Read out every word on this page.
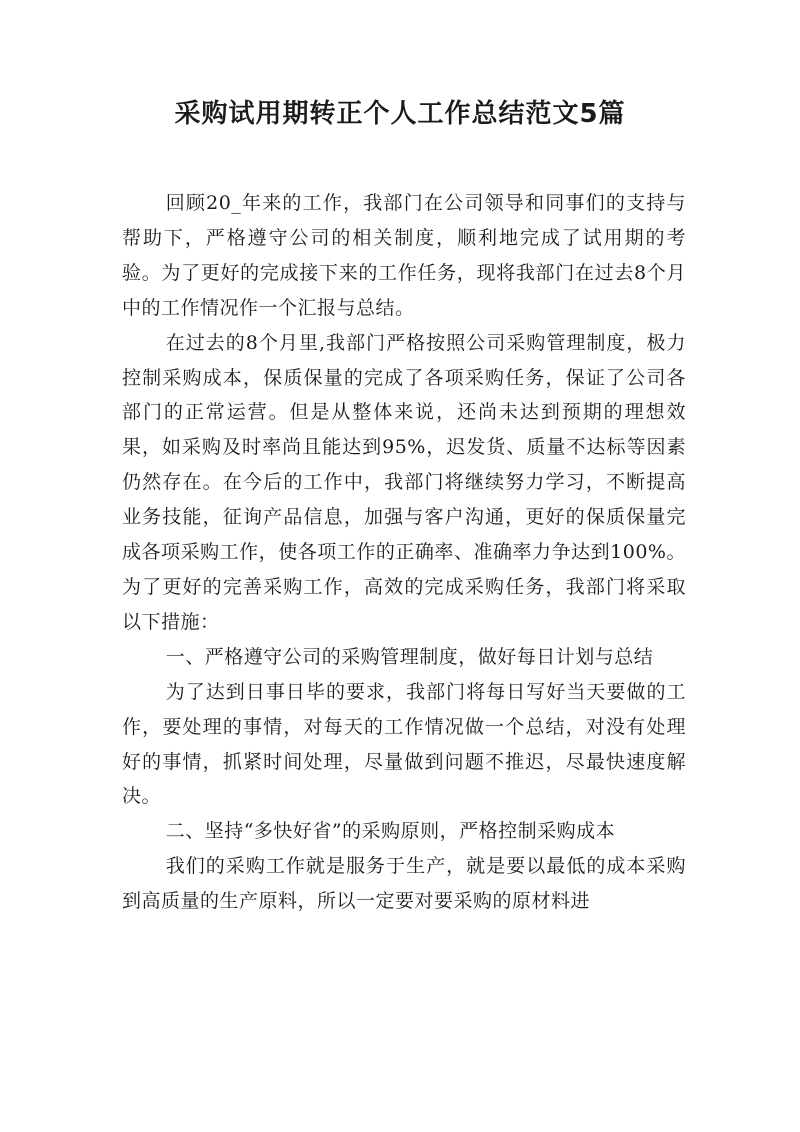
采购试用期转正个人工作总结范文5篇

回顾20_年来的工作，我部门在公司领导和同事们的支持与帮助下，严格遵守公司的相关制度，顺利地完成了试用期的考验。为了更好的完成接下来的工作任务，现将我部门在过去8个月中的工作情况作一个汇报与总结。

在过去的8个月里,我部门严格按照公司采购管理制度，极力控制采购成本，保质保量的完成了各项采购任务，保证了公司各部门的正常运营。但是从整体来说，还尚未达到预期的理想效果，如采购及时率尚且能达到95%，迟发货、质量不达标等因素仍然存在。在今后的工作中，我部门将继续努力学习，不断提高业务技能，征询产品信息，加强与客户沟通，更好的保质保量完成各项采购工作，使各项工作的正确率、准确率力争达到100%。为了更好的完善采购工作，高效的完成采购任务，我部门将采取以下措施：

一、严格遵守公司的采购管理制度，做好每日计划与总结

为了达到日事日毕的要求，我部门将每日写好当天要做的工作，要处理的事情，对每天的工作情况做一个总结，对没有处理好的事情，抓紧时间处理，尽量做到问题不推迟，尽最快速度解决。

二、坚持“多快好省”的采购原则，严格控制采购成本

我们的采购工作就是服务于生产，就是要以最低的成本采购到高质量的生产原料，所以一定要对要采购的原材料进
